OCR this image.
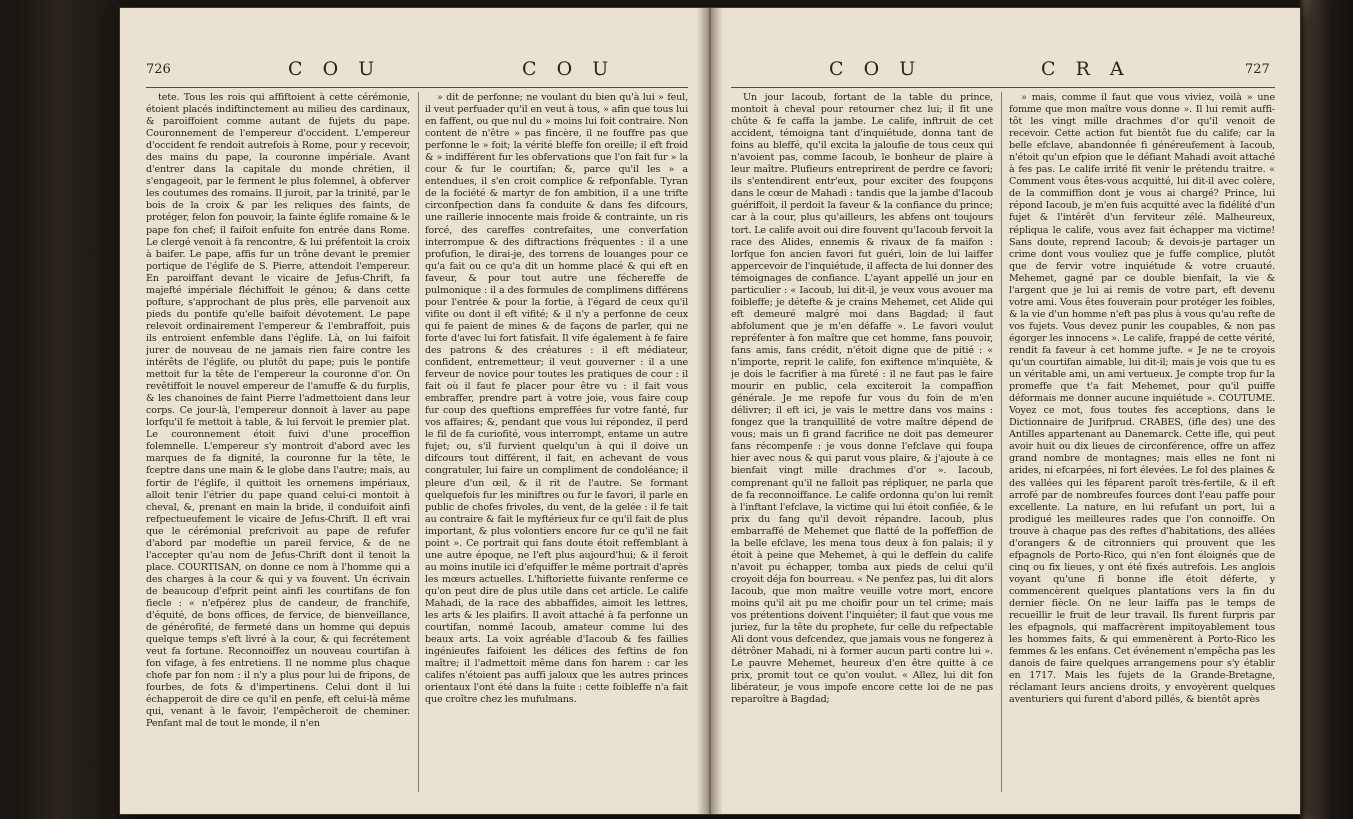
726	C O U	C O U
tete. Tous les rois qui affiftoient à cette cérémonie, étoient placés indiftinctement au milieu des cardinaux, & paroiffoient comme autant de fujets du pape. Couronnement de l'empereur d'occident. L'empereur d'occident fe rendoit autrefois à Rome, pour y recevoir, des mains du pape, la couronne impériale. Avant d'entrer dans la capitale du monde chrétien, il s'engageoit, par le ferment le plus folemnel, à obferver les coutumes des romains. Il juroit, par la trinité, par le bois de la croix & par les reliques des faints, de protéger, felon fon pouvoir, la fainte églife romaine & le pape fon chef; il faifoit enfuite fon entrée dans Rome. Le clergé venoit à fa rencontre, & lui préfentoit la croix à baifer. Le pape, affis fur un trône devant le premier portique de l'églife de S. Pierre, attendoit l'empereur. En paroiffant devant le vicaire de Jefus-Chrift, fa majefté impériale fléchiffoit le génou; & dans cette pofture, s'approchant de plus près, elle parvenoit aux pieds du pontife qu'elle baifoit dévotement. Le pape relevoit ordinairement l'empereur & l'embraffoit, puis ils entroient enfemble dans l'églife. Là, on lui faifoit jurer de nouveau de ne jamais rien faire contre les intérêts de l'églife, ou plutôt du pape; puis le pontife mettoit fur la tête de l'empereur la couronne d'or. On revêtiffoit le nouvel empereur de l'amuffe & du furplis, & les chanoines de faint Pierre l'admettoient dans leur corps. Ce jour-là, l'empereur donnoit à laver au pape lorfqu'il fe mettoit à table, & lui fervoit le premier plat. Le couronnement étoit fuivi d'une proceffion folemnelle. L'empereur s'y montroit d'abord avec les marques de fa dignité, la couronne fur la tête, le fceptre dans une main & le globe dans l'autre; mais, au fortir de l'églife, il quittoit les ornemens impériaux, alloit tenir l'étrier du pape quand celui-ci montoit à cheval, &, prenant en main la bride, il conduifoit ainfi refpectueufement le vicaire de Jefus-Chrift. Il eft vrai que le cérémonial prefcrivoit au pape de refufer d'abord par modeftie un pareil fervice, & de ne l'accepter qu'au nom de Jefus-Chrift dont il tenoit la place. COURTISAN, on donne ce nom à l'homme qui a des charges à la cour & qui y va fouvent. Un écrivain de beaucoup d'efprit peint ainfi les courtifans de fon fiecle : « n'efpérez plus de candeur, de franchife, d'équité, de bons offices, de fervice, de bienveillance, de générofité, de fermeté dans un homme qui depuis quelque temps s'eft livré à la cour, & qui fecrétement veut fa fortune. Reconnoiffez un nouveau courtifan à fon vifage, à fes entretiens. Il ne nomme plus chaque chofe par fon nom : il n'y a plus pour lui de fripons, de fourbes, de fots & d'impertinens. Celui dont il lui échapperoit de dire ce qu'il en penfe, eft celui-là même qui, venant à le favoir, l'empêcheroit de cheminer. Penfant mal de tout le monde, il n'en
» dit de perfonne; ne voulant du bien qu'à lui » feul, il veut perfuader qu'il en veut à tous, » afin que tous lui en faffent, ou que nul du » moins lui foit contraire. Non content de n'être » pas fincère, il ne fouffre pas que perfonne le » foit; la vérité bleffe fon oreille; il eft froid & » indifférent fur les obfervations que l'on fait fur » la cour & fur le courtifan; &, parce qu'il les » a entendues, il s'en croit complice & refponfable. Tyran de la fociété & martyr de fon ambition, il a une trifte circonfpection dans fa conduite & dans fes difcours, une raillerie innocente mais froide & contrainte, un ris forcé, des careffes contrefaites, une converfation interrompue & des diftractions fréquentes : il a une profufion, le dirai-je, des torrens de louanges pour ce qu'a fait ou ce qu'a dit un homme placé & qui eft en faveur, & pour tout autre une féchereffe de pulmonique : il a des formules de complimens différens pour l'entrée & pour la fortie, à l'égard de ceux qu'il vifite ou dont il eft vifité; & il n'y a perfonne de ceux qui fe paient de mines & de façons de parler, qui ne forte d'avec lui fort fatisfait. Il vife également à fe faire des patrons & des créatures : il eft médiateur, confident, entremetteur; il veut gouverner : il a une ferveur de novice pour toutes les pratiques de cour : il fait où il faut fe placer pour être vu : il fait vous embraffer, prendre part à votre joie, vous faire coup fur coup des queftions empreffées fur votre fanté, fur vos affaires; &, pendant que vous lui répondez, il perd le fil de fa curiofité, vous interrompt, entame un autre fujet; ou, s'il furvient quelqu'un à qui il doive un difcours tout différent, il fait, en achevant de vous congratuler, lui faire un compliment de condoléance; il pleure d'un œil, & il rit de l'autre. Se formant quelquefois fur les miniftres ou fur le favori, il parle en public de chofes frivoles, du vent, de la gelée : il fe tait au contraire & fait le myftérieux fur ce qu'il fait de plus important, & plus volontiers encore fur ce qu'il ne fait point ». Ce portrait qui fans doute étoit reffemblant à une autre époque, ne l'eft plus aujourd'hui; & il feroit au moins inutile ici d'efquiffer le même portrait d'après les mœurs actuelles. L'hiftoriette fuivante renferme ce qu'on peut dire de plus utile dans cet article. Le calife Mahadi, de la race des abbaffides, aimoit les lettres, les arts & les plaifirs. Il avoit attaché à fa perfonne un courtifan, nommé Iacoub, amateur comme lui des beaux arts. La voix agréable d'Iacoub & fes faillies ingénieufes faifoient les délices des feftins de fon maître; il l'admettoit même dans fon harem : car les califes n'étoient pas auffi jaloux que les autres princes orientaux l'ont été dans la fuite : cette foibleffe n'a fait que croître chez les mufulmans.
C O U	C R A	727
Un jour Iacoub, fortant de la table du prince, montoit à cheval pour retourner chez lui; il fit une chûte & fe caffa la jambe. Le calife, inftruit de cet accident, témoigna tant d'inquiétude, donna tant de foins au bleffé, qu'il excita la jaloufie de tous ceux qui n'avoient pas, comme Iacoub, le bonheur de plaire à leur maître. Plufieurs entreprirent de perdre ce favori; ils s'entendirent entr'eux, pour exciter des foupçons dans le cœur de Mahadi : tandis que la jambe d'Iacoub guériffoit, il perdoit la faveur & la confiance du prince; car à la cour, plus qu'ailleurs, les abfens ont toujours tort. Le calife avoit oui dire fouvent qu'Iacoub fervoit la race des Alides, ennemis & rivaux de fa maifon : lorfque fon ancien favori fut guéri, loin de lui laiffer appercevoir de l'inquiétude, il affecta de lui donner des témoignages de confiance. L'ayant appellé un jour en particulier : « Iacoub, lui dit-il, je veux vous avouer ma foibleffe; je détefte & je crains Mehemet, cet Alide qui eft demeuré malgré moi dans Bagdad; il faut abfolument que je m'en défaffe ». Le favori voulut repréfenter à fon maître que cet homme, fans pouvoir, fans amis, fans crédit, n'étoit digne que de pitié : « n'importe, reprit le calife, fon exiftence m'inquiète, & je dois le facrifier à ma fûreté : il ne faut pas le faire mourir en public, cela exciteroit la compaffion générale. Je me repofe fur vous du foin de m'en délivrer; il eft ici, je vais le mettre dans vos mains : fongez que la tranquillité de votre maître dépend de vous; mais un fi grand facrifice ne doit pas demeurer fans récompenfe : je vous donne l'efclave qui foupa hier avec nous & qui parut vous plaire, & j'ajoute à ce bienfait vingt mille drachmes d'or ». Iacoub, comprenant qu'il ne falloit pas répliquer, ne parla que de fa reconnoiffance. Le calife ordonna qu'on lui remît à l'inftant l'efclave, la victime qui lui étoit confiée, & le prix du fang qu'il devoit répandre. Iacoub, plus embarraffé de Mehemet que flatté de la poffeffion de la belle efclave, les mena tous deux à fon palais; il y étoit à peine que Mehemet, à qui le deffein du calife n'avoit pu échapper, tomba aux pieds de celui qu'il croyoit déja fon bourreau. « Ne penfez pas, lui dit alors Iacoub, que mon maître veuille votre mort, encore moins qu'il ait pu me choifir pour un tel crime; mais vos prétentions doivent l'inquiéter; il faut que vous me juriez, fur la tête du prophete, fur celle du refpectable Ali dont vous defcendez, que jamais vous ne fongerez à détrôner Mahadi, ni à former aucun parti contre lui ». Le pauvre Mehemet, heureux d'en être quitte à ce prix, promit tout ce qu'on voulut. « Allez, lui dit fon libérateur, je vous impofe encore cette loi de ne pas reparoître à Bagdad;
» mais, comme il faut que vous viviez, voilà » une fomme que mon maître vous donne ». Il lui remit auffi-tôt les vingt mille drachmes d'or qu'il venoit de recevoir. Cette action fut bientôt fue du calife; car la belle efclave, abandonnée fi généreufement à Iacoub, n'étoit qu'un efpion que le défiant Mahadi avoit attaché à fes pas. Le calife irrité fit venir le prétendu traitre. « Comment vous êtes-vous acquitté, lui dit-il avec colère, de la commiffion dont je vous ai chargé? Prince, lui répond Iacoub, je m'en fuis acquitté avec la fidélité d'un fujet & l'intérêt d'un ferviteur zélé. Malheureux, répliqua le calife, vous avez fait échapper ma victime! Sans doute, reprend Iacoub; & devois-je partager un crime dont vous vouliez que je fuffe complice, plutôt que de fervir votre inquiétude & votre cruauté. Mehemet, gagné par ce double bienfait, la vie & l'argent que je lui ai remis de votre part, eft devenu votre ami. Vous êtes fouverain pour protéger les foibles, & la vie d'un homme n'eft pas plus à vous qu'au refte de vos fujets. Vous devez punir les coupables, & non pas égorger les innocens ». Le calife, frappé de cette vérité, rendit fa faveur à cet homme jufte. « Je ne te croyois qu'un courtifan aimable, lui dit-il; mais je vois que tu es un véritable ami, un ami vertueux. Je compte trop fur la promeffe que t'a fait Mehemet, pour qu'il puiffe déformais me donner aucune inquiétude ». COUTUME. Voyez ce mot, fous toutes fes acceptions, dans le Dictionnaire de Jurifprud. CRABES, (ifle des) une des Antilles appartenant au Danemarck. Cette ifle, qui peut avoir huit ou dix lieues de circonférence, offre un affez grand nombre de montagnes; mais elles ne font ni arides, ni efcarpées, ni fort élevées. Le fol des plaines & des vallées qui les féparent paroît très-fertile, & il eft arrofé par de nombreufes fources dont l'eau paffe pour excellente. La nature, en lui refufant un port, lui a prodigué les meilleures rades que l'on connoiffe. On trouve à chaque pas des reftes d'habitations, des allées d'orangers & de citronniers qui prouvent que les efpagnols de Porto-Rico, qui n'en font éloignés que de cinq ou fix lieues, y ont été fixés autrefois. Les anglois voyant qu'une fi bonne ifle étoit déferte, y commencèrent quelques plantations vers la fin du dernier fiècle. On ne leur laiffa pas le temps de recueillir le fruit de leur travail. Ils furent furpris par les efpagnols, qui maffacrèrent impitoyablement tous les hommes faits, & qui emmenèrent à Porto-Rico les femmes & les enfans. Cet événement n'empêcha pas les danois de faire quelques arrangemens pour s'y établir en 1717. Mais les fujets de la Grande-Bretagne, réclamant leurs anciens droits, y envoyèrent quelques aventuriers qui furent d'abord pillés, & bientôt après
